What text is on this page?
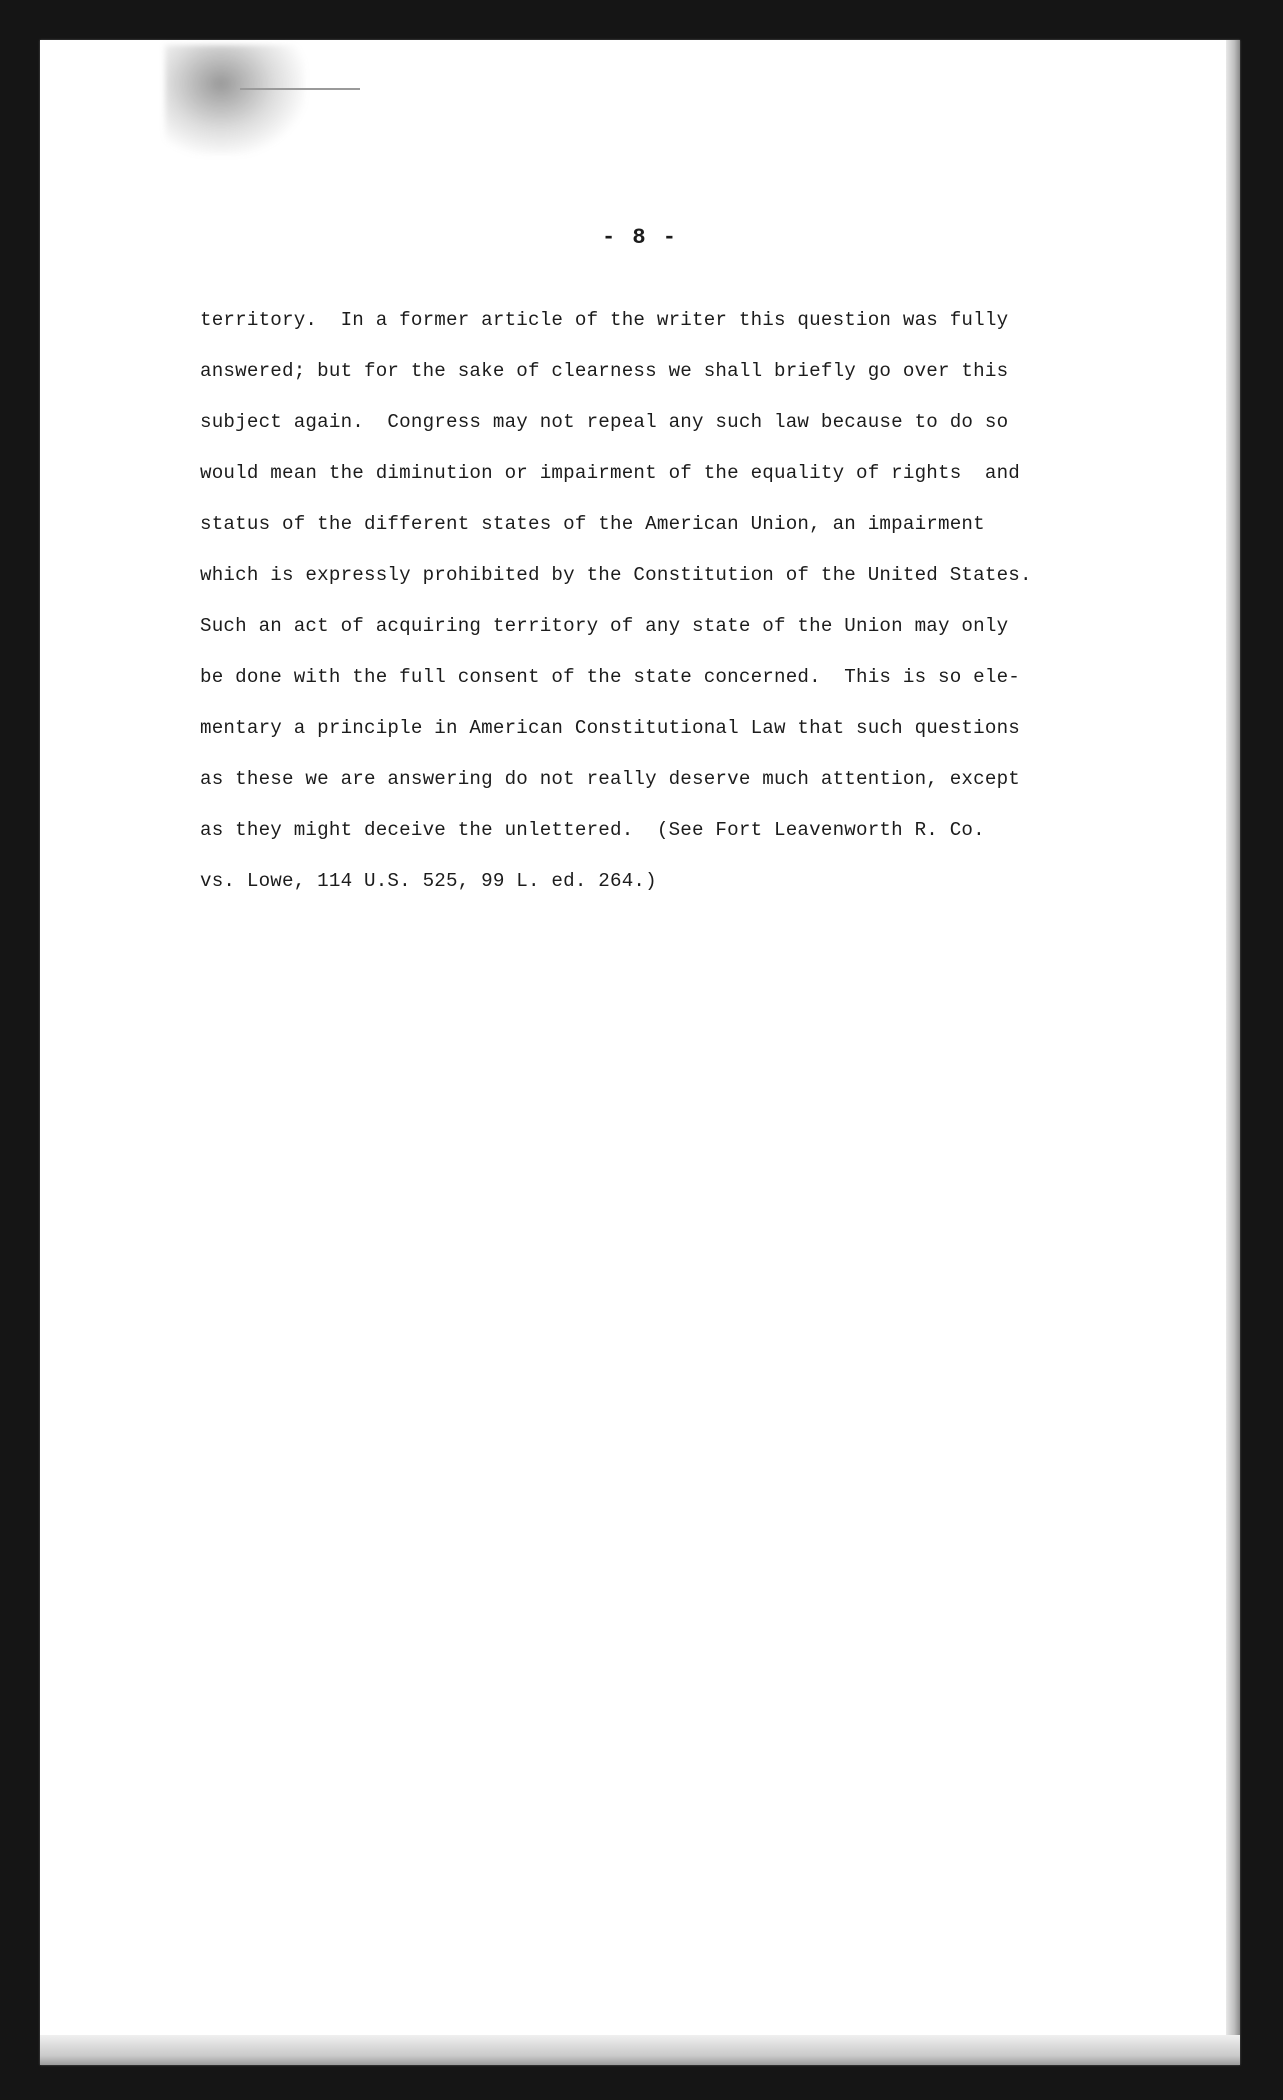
- 8 -
territory.  In a former article of the writer this question was fully
answered; but for the sake of clearness we shall briefly go over this
subject again.  Congress may not repeal any such law because to do so
would mean the diminution or impairment of the equality of rights  and
status of the different states of the American Union, an impairment
which is expressly prohibited by the Constitution of the United States.
Such an act of acquiring territory of any state of the Union may only
be done with the full consent of the state concerned.  This is so ele-
mentary a principle in American Constitutional Law that such questions
as these we are answering do not really deserve much attention, except
as they might deceive the unlettered.  (See Fort Leavenworth R. Co.
vs. Lowe, 114 U.S. 525, 99 L. ed. 264.)
